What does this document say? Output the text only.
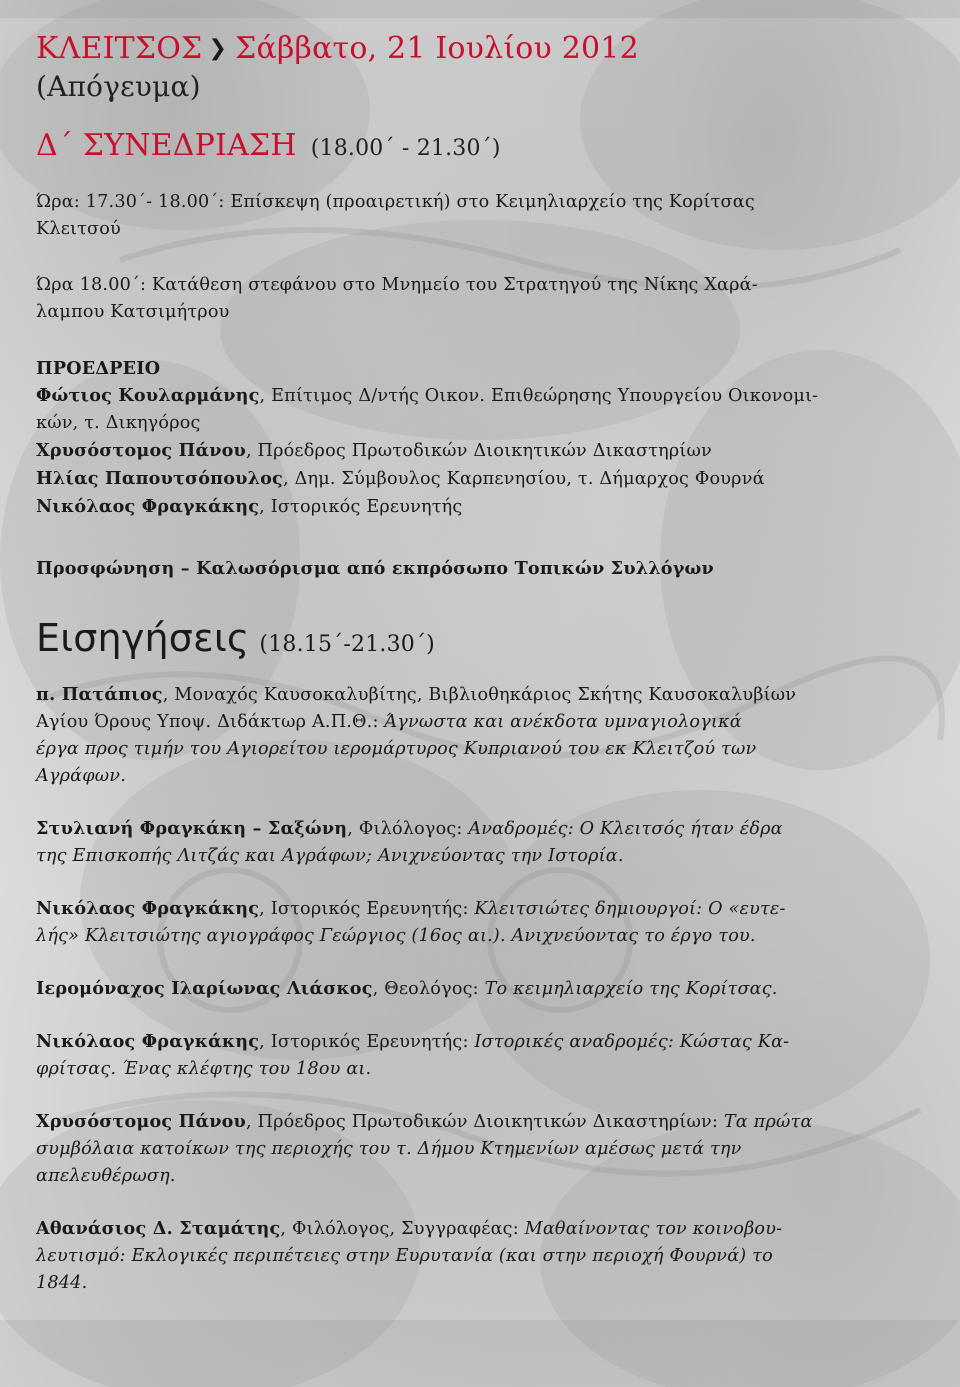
ΚΛΕΙΤΣΟΣ ❯ Σάββατο, 21 Ιουλίου 2012
(Απόγευμα)
Δ΄ ΣΥΝΕΔΡΙΑΣΗ (18.00΄ - 21.30΄)

Ώρα: 17.30΄- 18.00΄: Επίσκεψη (προαιρετική) στο Κειμηλιαρχείο της Κορίτσας

Κλειτσού

Ώρα 18.00΄: Κατάθεση στεφάνου στο Μνημείο του Στρατηγού της Νίκης Χαρά-

λαμπου Κατσιμήτρου

ΠΡΟΕΔΡΕΙΟ

Φώτιος Κουλαρμάνης, Επίτιμος Δ/ντής Οικον. Επιθεώρησης Υπουργείου Οικονομι-

κών, τ. Δικηγόρος

Χρυσόστομος Πάνου, Πρόεδρος Πρωτοδικών Διοικητικών Δικαστηρίων

Ηλίας Παπουτσόπουλος, Δημ. Σύμβουλος Καρπενησίου, τ. Δήμαρχος Φουρνά

Νικόλαος Φραγκάκης, Ιστορικός Ερευνητής

Προσφώνηση – Καλωσόρισμα από εκπρόσωπο Τοπικών Συλλόγων

Εισηγήσεις (18.15΄-21.30΄)

π. Πατάπιος, Μοναχός Καυσοκαλυβίτης, Βιβλιοθηκάριος Σκήτης Καυσοκαλυβίων

Αγίου Όρους Υποψ. Διδάκτωρ Α.Π.Θ.: Άγνωστα και ανέκδοτα υμναγιολογικά

έργα προς τιμήν του Αγιορείτου ιερομάρτυρος Κυπριανού του εκ Κλειτζού των

Αγράφων.

Στυλιανή Φραγκάκη – Σαξώνη, Φιλόλογος: Αναδρομές: Ο Κλειτσός ήταν έδρα

της Επισκοπής Λιτζάς και Αγράφων; Ανιχνεύοντας την Ιστορία.

Νικόλαος Φραγκάκης, Ιστορικός Ερευνητής: Κλειτσιώτες δημιουργοί: Ο «ευτε-

λής» Κλειτσιώτης αγιογράφος Γεώργιος (16ος αι.). Ανιχνεύοντας το έργο του.

Ιερομόναχος Ιλαρίωνας Λιάσκος, Θεολόγος: Το κειμηλιαρχείο της Κορίτσας.

Νικόλαος Φραγκάκης, Ιστορικός Ερευνητής: Ιστορικές αναδρομές: Κώστας Κα-

φρίτσας. Ένας κλέφτης του 18ου αι.

Χρυσόστομος Πάνου, Πρόεδρος Πρωτοδικών Διοικητικών Δικαστηρίων: Τα πρώτα

συμβόλαια κατοίκων της περιοχής του τ. Δήμου Κτημενίων αμέσως μετά την

απελευθέρωση.

Αθανάσιος Δ. Σταμάτης, Φιλόλογος, Συγγραφέας: Μαθαίνοντας τον κοινοβου-

λευτισμό: Εκλογικές περιπέτειες στην Ευρυτανία (και στην περιοχή Φουρνά) το

1844.
